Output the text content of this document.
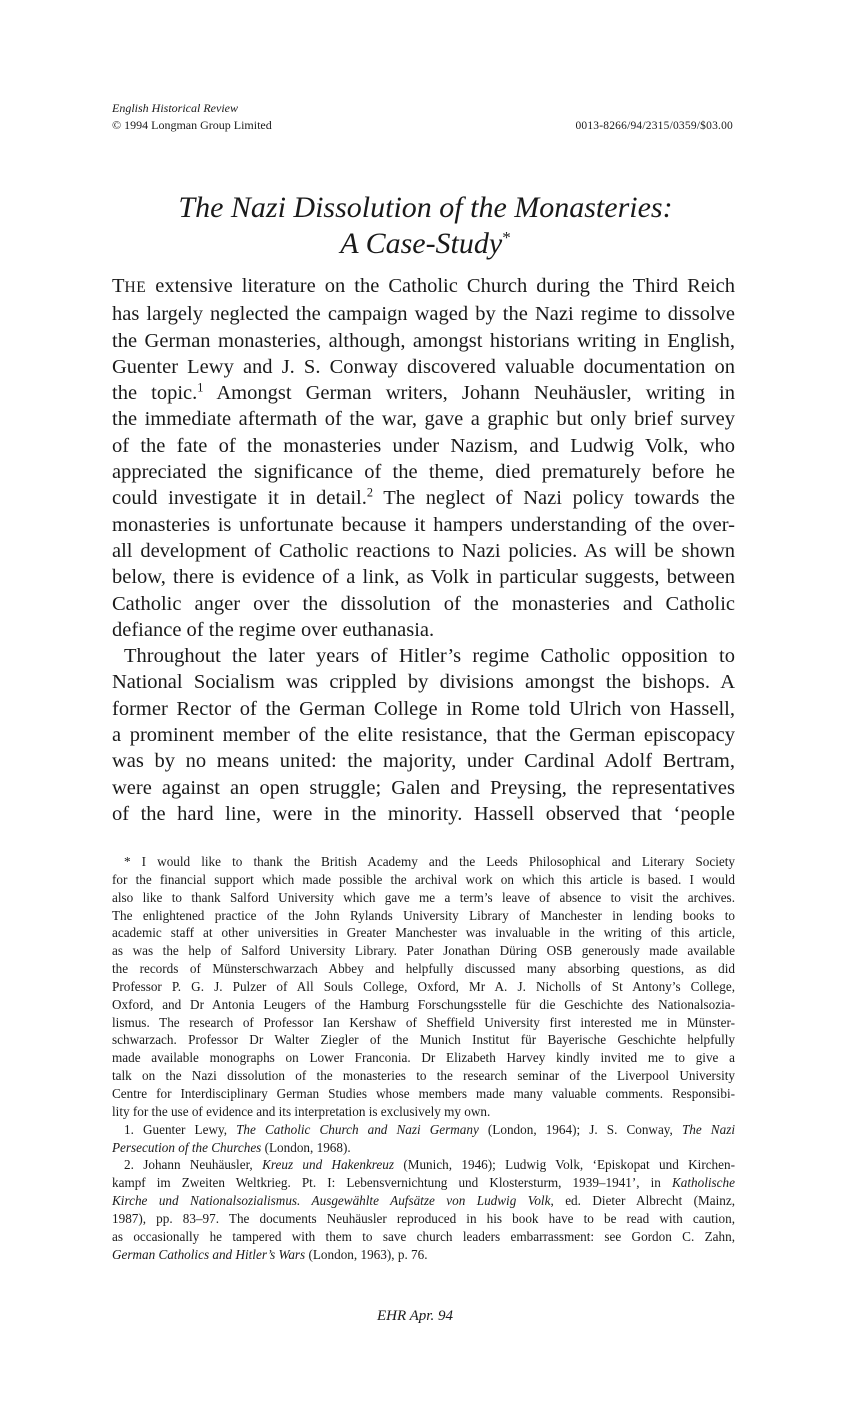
English Historical Review
© 1994 Longman Group Limited	0013-8266/94/2315/0359/$03.00
The Nazi Dissolution of the Monasteries:
A Case-Study*
THE extensive literature on the Catholic Church during the Third Reich
has largely neglected the campaign waged by the Nazi regime to dissolve
the German monasteries, although, amongst historians writing in English,
Guenter Lewy and J. S. Conway discovered valuable documentation on
the topic.$^1$ Amongst German writers, Johann Neuhäusler, writing in
the immediate aftermath of the war, gave a graphic but only brief survey
of the fate of the monasteries under Nazism, and Ludwig Volk, who
appreciated the significance of the theme, died prematurely before he
could investigate it in detail.$^2$ The neglect of Nazi policy towards the
monasteries is unfortunate because it hampers understanding of the over-
all development of Catholic reactions to Nazi policies. As will be shown
below, there is evidence of a link, as Volk in particular suggests, between
Catholic anger over the dissolution of the monasteries and Catholic
defiance of the regime over euthanasia.
Throughout the later years of Hitler’s regime Catholic opposition to
National Socialism was crippled by divisions amongst the bishops. A
former Rector of the German College in Rome told Ulrich von Hassell,
a prominent member of the elite resistance, that the German episcopacy
was by no means united: the majority, under Cardinal Adolf Bertram,
were against an open struggle; Galen and Preysing, the representatives
of the hard line, were in the minority. Hassell observed that ‘people
* I would like to thank the British Academy and the Leeds Philosophical and Literary Society
for the financial support which made possible the archival work on which this article is based. I would
also like to thank Salford University which gave me a term’s leave of absence to visit the archives.
The enlightened practice of the John Rylands University Library of Manchester in lending books to
academic staff at other universities in Greater Manchester was invaluable in the writing of this article,
as was the help of Salford University Library. Pater Jonathan Düring OSB generously made available
the records of Münsterschwarzach Abbey and helpfully discussed many absorbing questions, as did
Professor P. G. J. Pulzer of All Souls College, Oxford, Mr A. J. Nicholls of St Antony’s College,
Oxford, and Dr Antonia Leugers of the Hamburg Forschungsstelle für die Geschichte des Nationalsozia-
lismus. The research of Professor Ian Kershaw of Sheffield University first interested me in Münster-
schwarzach. Professor Dr Walter Ziegler of the Munich Institut für Bayerische Geschichte helpfully
made available monographs on Lower Franconia. Dr Elizabeth Harvey kindly invited me to give a
talk on the Nazi dissolution of the monasteries to the research seminar of the Liverpool University
Centre for Interdisciplinary German Studies whose members made many valuable comments. Responsibi-
lity for the use of evidence and its interpretation is exclusively my own.
1. Guenter Lewy, The Catholic Church and Nazi Germany (London, 1964); J. S. Conway, The Nazi
Persecution of the Churches (London, 1968).
2. Johann Neuhäusler, Kreuz und Hakenkreuz (Munich, 1946); Ludwig Volk, ‘Episkopat und Kirchen-
kampf im Zweiten Weltkrieg. Pt. I: Lebensvernichtung und Klostersturm, 1939–1941’, in Katholische
Kirche und Nationalsozialismus. Ausgewählte Aufsätze von Ludwig Volk, ed. Dieter Albrecht (Mainz,
1987), pp. 83–97. The documents Neuhäusler reproduced in his book have to be read with caution,
as occasionally he tampered with them to save church leaders embarrassment: see Gordon C. Zahn,
German Catholics and Hitler’s Wars (London, 1963), p. 76.
EHR Apr. 94
